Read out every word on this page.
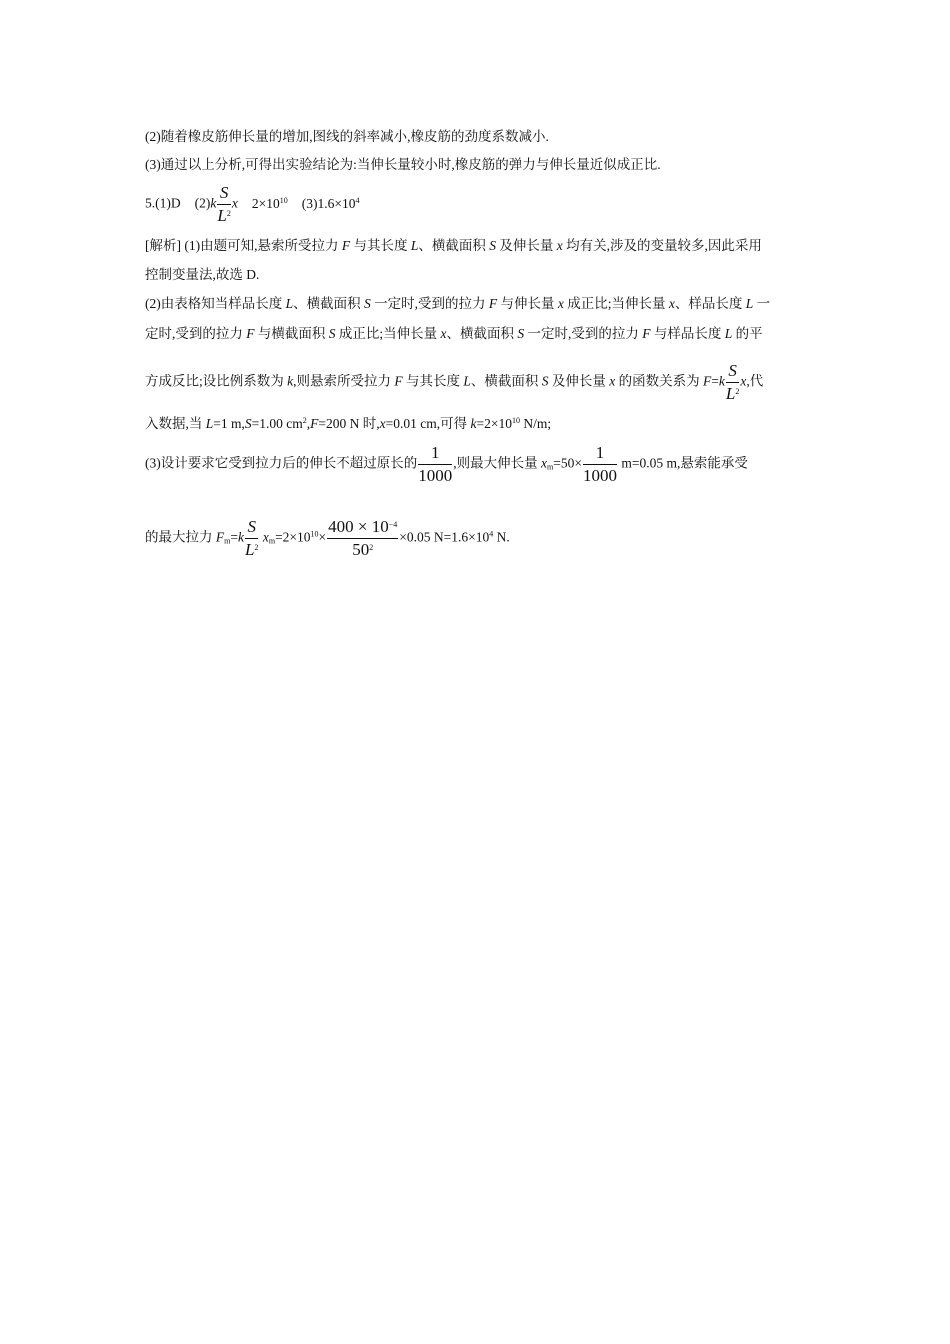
(2)随着橡皮筋伸长量的增加,图线的斜率减小,橡皮筋的劲度系数减小.
(3)通过以上分析,可得出实验结论为:当伸长量较小时,橡皮筋的弹力与伸长量近似成正比.
5.(1)D $(2)k \frac{S}{L^2}$ x $2\times 10^{10}$ $(3)1.6\times 10^4$
[解析] (1)由题可知,悬索所受拉力 F 与其长度 L、横截面积 S 及伸长量 x 均有关,涉及的变量较多,因此采用
控制变量法,故选 D.
(2)由表格知当样品长度 L、横截面积 S 一定时,受到的拉力 F 与伸长量 x 成正比;当伸长量 x、样品长度 L 一
定时,受到的拉力 F 与横截面积 S 成正比;当伸长量 x、横截面积 S 一定时,受到的拉力 F 与样品长度 L 的平
方成反比;设比例系数为 k,则悬索所受拉力 F 与其长度 L、横截面积 S 及伸长量 x 的函数关系为 $F=k \frac{S}{L^2} x$,代
入数据,当 L=1 m,S=1.00 $cm^2,F=200$ N 时,x=0.01 cm,可得 $k=2\times 10^{10}$ N/m;
(3)设计要求它受到拉力后的伸长不超过原长的 $\frac{1}{1000}$ ,则最大伸长量 $x_m=50\times \frac{1}{1000} m=0.05$ m,悬索能承受
的最大拉力 $F_m=k \frac{S}{L^2} x_m=2\times 10^{10}\times \frac{400 \times 10^{-4}}{50^2} \times 0.05$ $N=1.6\times 10^4$ N.
